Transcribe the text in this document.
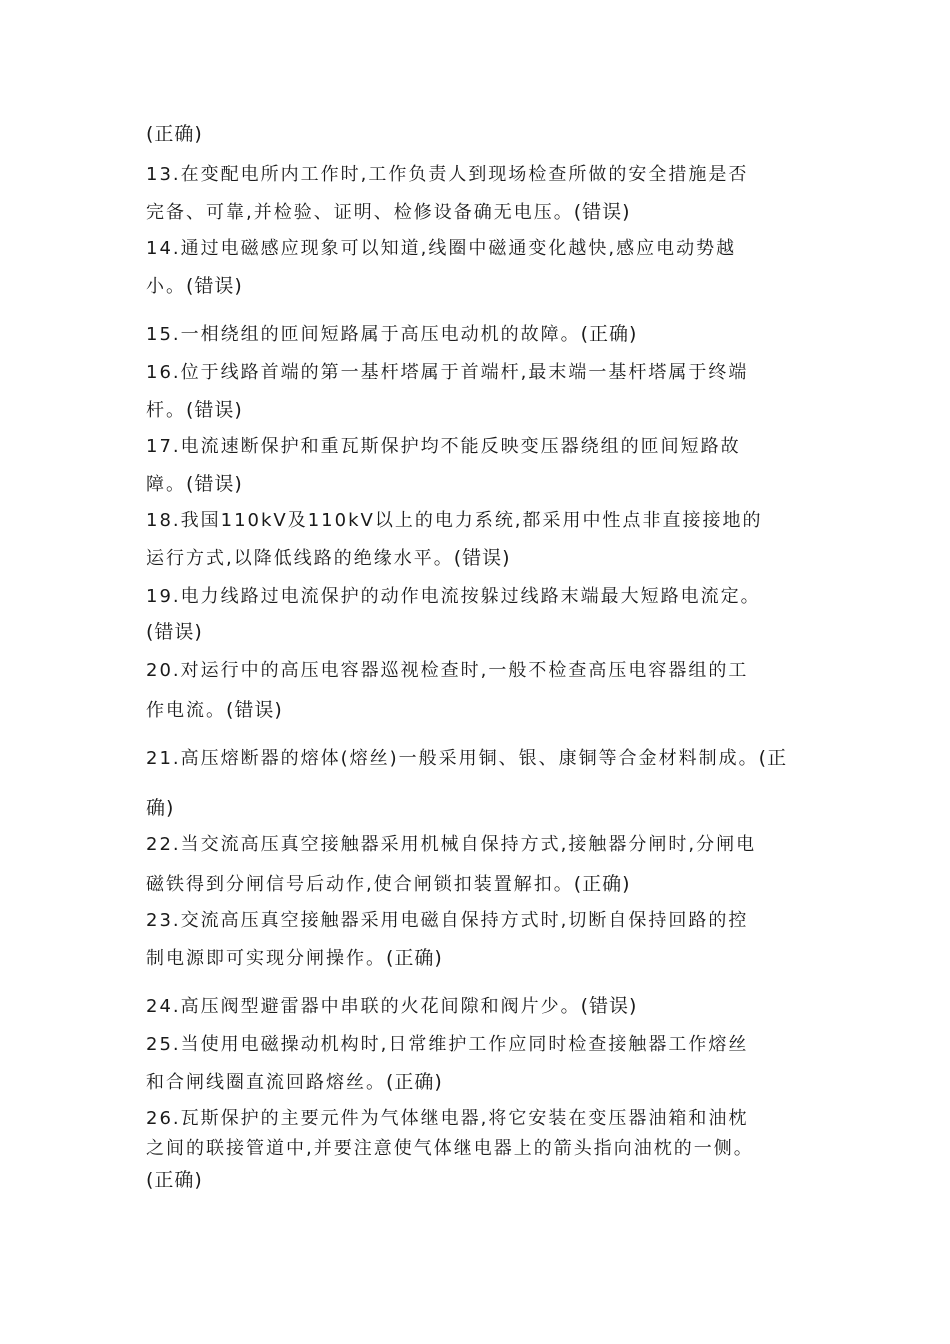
(正确)
13.在变配电所内工作时,工作负责人到现场检查所做的安全措施是否
完备、可靠,并检验、证明、检修设备确无电压。(错误)
14.通过电磁感应现象可以知道,线圈中磁通变化越快,感应电动势越
小。(错误)
15.一相绕组的匝间短路属于高压电动机的故障。(正确)
16.位于线路首端的第一基杆塔属于首端杆,最末端一基杆塔属于终端
杆。(错误)
17.电流速断保护和重瓦斯保护均不能反映变压器绕组的匝间短路故
障。(错误)
18.我国110kV及110kV以上的电力系统,都采用中性点非直接接地的
运行方式,以降低线路的绝缘水平。(错误)
19.电力线路过电流保护的动作电流按躲过线路末端最大短路电流定。
(错误)
20.对运行中的高压电容器巡视检查时,一般不检查高压电容器组的工
作电流。(错误)
21.高压熔断器的熔体(熔丝)一般采用铜、银、康铜等合金材料制成。(正
确)
22.当交流高压真空接触器采用机械自保持方式,接触器分闸时,分闸电
磁铁得到分闸信号后动作,使合闸锁扣装置解扣。(正确)
23.交流高压真空接触器采用电磁自保持方式时,切断自保持回路的控
制电源即可实现分闸操作。(正确)
24.高压阀型避雷器中串联的火花间隙和阀片少。(错误)
25.当使用电磁操动机构时,日常维护工作应同时检查接触器工作熔丝
和合闸线圈直流回路熔丝。(正确)
26.瓦斯保护的主要元件为气体继电器,将它安装在变压器油箱和油枕
之间的联接管道中,并要注意使气体继电器上的箭头指向油枕的一侧。
(正确)
